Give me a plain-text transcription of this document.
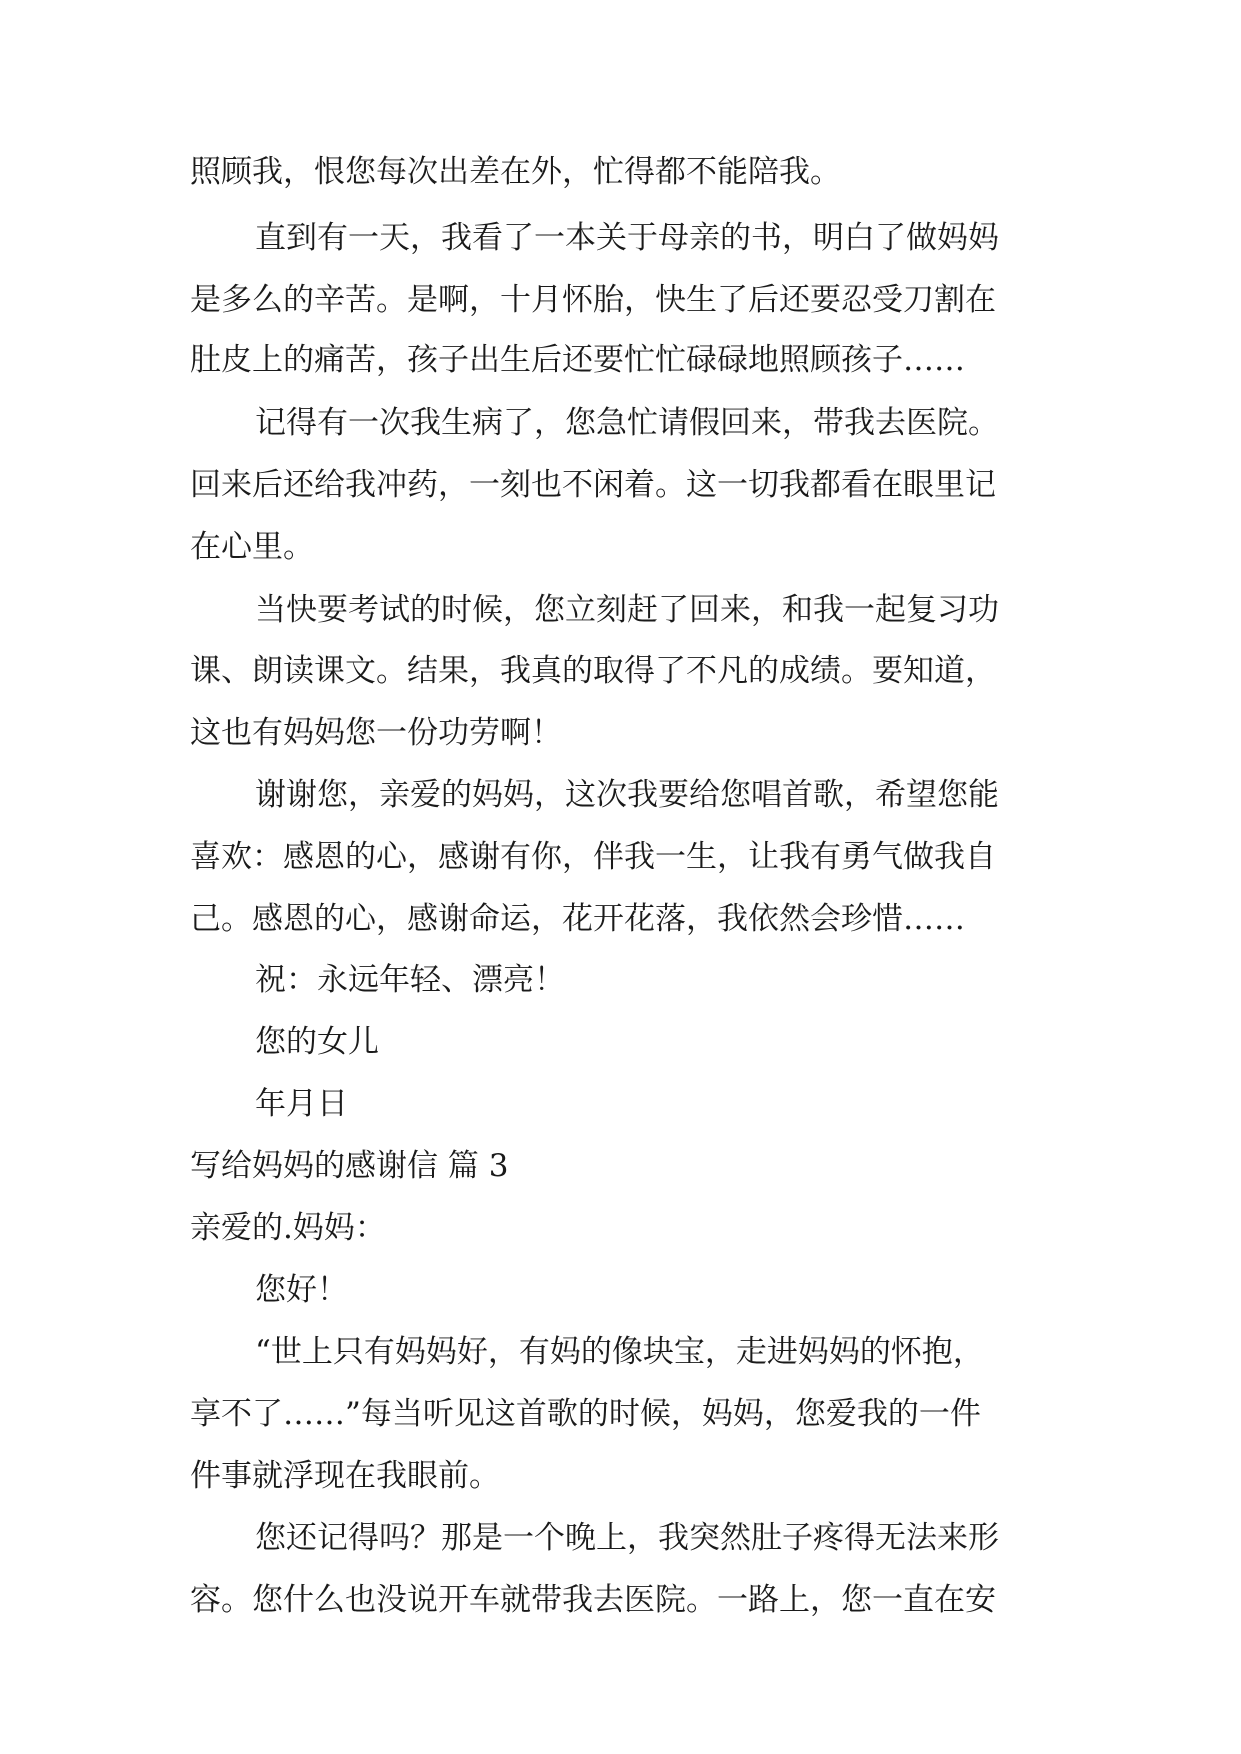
照顾我，恨您每次出差在外，忙得都不能陪我。
直到有一天，我看了一本关于母亲的书，明白了做妈妈
是多么的辛苦。是啊，十月怀胎，快生了后还要忍受刀割在
肚皮上的痛苦，孩子出生后还要忙忙碌碌地照顾孩子……
记得有一次我生病了，您急忙请假回来，带我去医院。
回来后还给我冲药，一刻也不闲着。这一切我都看在眼里记
在心里。
当快要考试的时候，您立刻赶了回来，和我一起复习功
课、朗读课文。结果，我真的取得了不凡的成绩。要知道，
这也有妈妈您一份功劳啊！
谢谢您，亲爱的妈妈，这次我要给您唱首歌，希望您能
喜欢：感恩的心，感谢有你，伴我一生，让我有勇气做我自
己。感恩的心，感谢命运，花开花落，我依然会珍惜……
祝：永远年轻、漂亮！
您的女儿
年月日
写给妈妈的感谢信 篇 3
亲爱的.妈妈：
您好！
“世上只有妈妈好，有妈的像块宝，走进妈妈的怀抱，
享不了……”每当听见这首歌的时候，妈妈，您爱我的一件
件事就浮现在我眼前。
您还记得吗？那是一个晚上，我突然肚子疼得无法来形
容。您什么也没说开车就带我去医院。一路上，您一直在安
